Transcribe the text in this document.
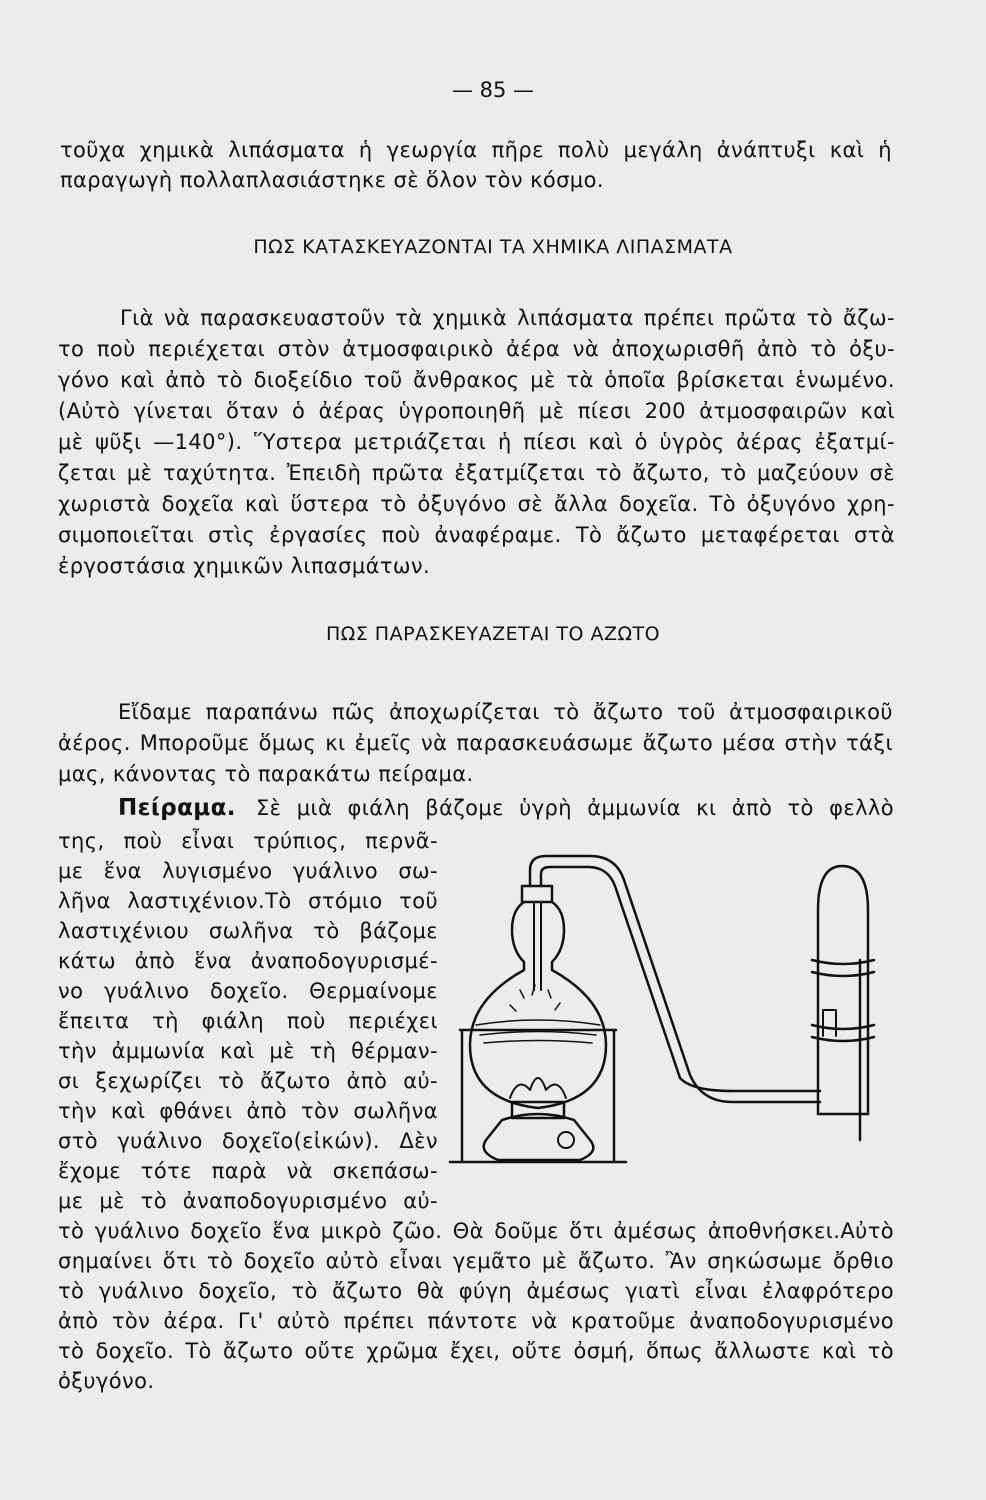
— 85 —
τοῦχα χημικὰ λιπάσματα ἡ γεωργία πῆρε πολὺ μεγάλη ἀνάπτυξι καὶ ἡ
παραγωγὴ πολλαπλασιάστηκε σὲ ὅλον τὸν κόσμο.
ΠΩΣ ΚΑΤΑΣΚΕΥΑΖΟΝΤΑΙ ΤΑ ΧΗΜΙΚΑ ΛΙΠΑΣΜΑΤΑ
Γιὰ νὰ παρασκευαστοῦν τὰ χημικὰ λιπάσματα πρέπει πρῶτα τὸ ἄζω-
το ποὺ περιέχεται στὸν ἀτμοσφαιρικὸ ἀέρα νὰ ἀποχωρισθῆ ἀπὸ τὸ ὀξυ-
γόνο καὶ ἀπὸ τὸ διοξείδιο τοῦ ἄνθρακος μὲ τὰ ὁποῖα βρίσκεται ἑνωμένο.
(Αὐτὸ γίνεται ὅταν ὁ ἀέρας ὑγροποιηθῆ μὲ πίεσι 200 ἀτμοσφαιρῶν καὶ
μὲ ψῦξι —140°). Ὕστερα μετριάζεται ἡ πίεσι καὶ ὁ ὑγρὸς ἀέρας ἐξατμί-
ζεται μὲ ταχύτητα. Ἐπειδὴ πρῶτα ἐξατμίζεται τὸ ἄζωτο, τὸ μαζεύουν σὲ
χωριστὰ δοχεῖα καὶ ὕστερα τὸ ὀξυγόνο σὲ ἄλλα δοχεῖα. Τὸ ὀξυγόνο χρη-
σιμοποιεῖται στὶς ἐργασίες ποὺ ἀναφέραμε. Τὸ ἄζωτο μεταφέρεται στὰ
ἐργοστάσια χημικῶν λιπασμάτων.
ΠΩΣ ΠΑΡΑΣΚΕΥΑΖΕΤΑΙ ΤΟ ΑΖΩΤΟ
Εἴδαμε παραπάνω πῶς ἀποχωρίζεται τὸ ἄζωτο τοῦ ἀτμοσφαιρικοῦ
ἀέρος. Μποροῦμε ὅμως κι ἐμεῖς νὰ παρασκευάσωμε ἄζωτο μέσα στὴν τάξι
μας, κάνοντας τὸ παρακάτω πείραμα.
Πείραμα. Σὲ μιὰ φιάλη βάζομε ὑγρὴ ἀμμωνία κι ἀπὸ τὸ φελλὸ
της, ποὺ εἶναι τρύπιος, περνᾶ-
με ἕνα λυγισμένο γυάλινο σω-
λῆνα λαστιχένιον.Τὸ στόμιο τοῦ
λαστιχένιου σωλῆνα τὸ βάζομε
κάτω ἀπὸ ἕνα ἀναποδογυρισμέ-
νο γυάλινο δοχεῖο. Θερμαίνομε
ἔπειτα τὴ φιάλη ποὺ περιέχει
τὴν ἀμμωνία καὶ μὲ τὴ θέρμαν-
σι ξεχωρίζει τὸ ἄζωτο ἀπὸ αὐ-
τὴν καὶ φθάνει ἀπὸ τὸν σωλῆνα
στὸ γυάλινο δοχεῖο(εἰκών). Δὲν
ἔχομε τότε παρὰ νὰ σκεπάσω-
με μὲ τὸ ἀναποδογυρισμένο αὐ-
τὸ γυάλινο δοχεῖο ἕνα μικρὸ ζῶο. Θὰ δοῦμε ὅτι ἀμέσως ἀποθνήσκει.Αὐτὸ
σημαίνει ὅτι τὸ δοχεῖο αὐτὸ εἶναι γεμᾶτο μὲ ἄζωτο. Ἂν σηκώσωμε ὄρθιο
τὸ γυάλινο δοχεῖο, τὸ ἄζωτο θὰ φύγη ἀμέσως γιατὶ εἶναι ἐλαφρότερο
ἀπὸ τὸν ἀέρα. Γι' αὐτὸ πρέπει πάντοτε νὰ κρατοῦμε ἀναποδογυρισμένο
τὸ δοχεῖο. Τὸ ἄζωτο οὔτε χρῶμα ἔχει, οὔτε ὀσμή, ὅπως ἄλλωστε καὶ τὸ
ὀξυγόνο.
